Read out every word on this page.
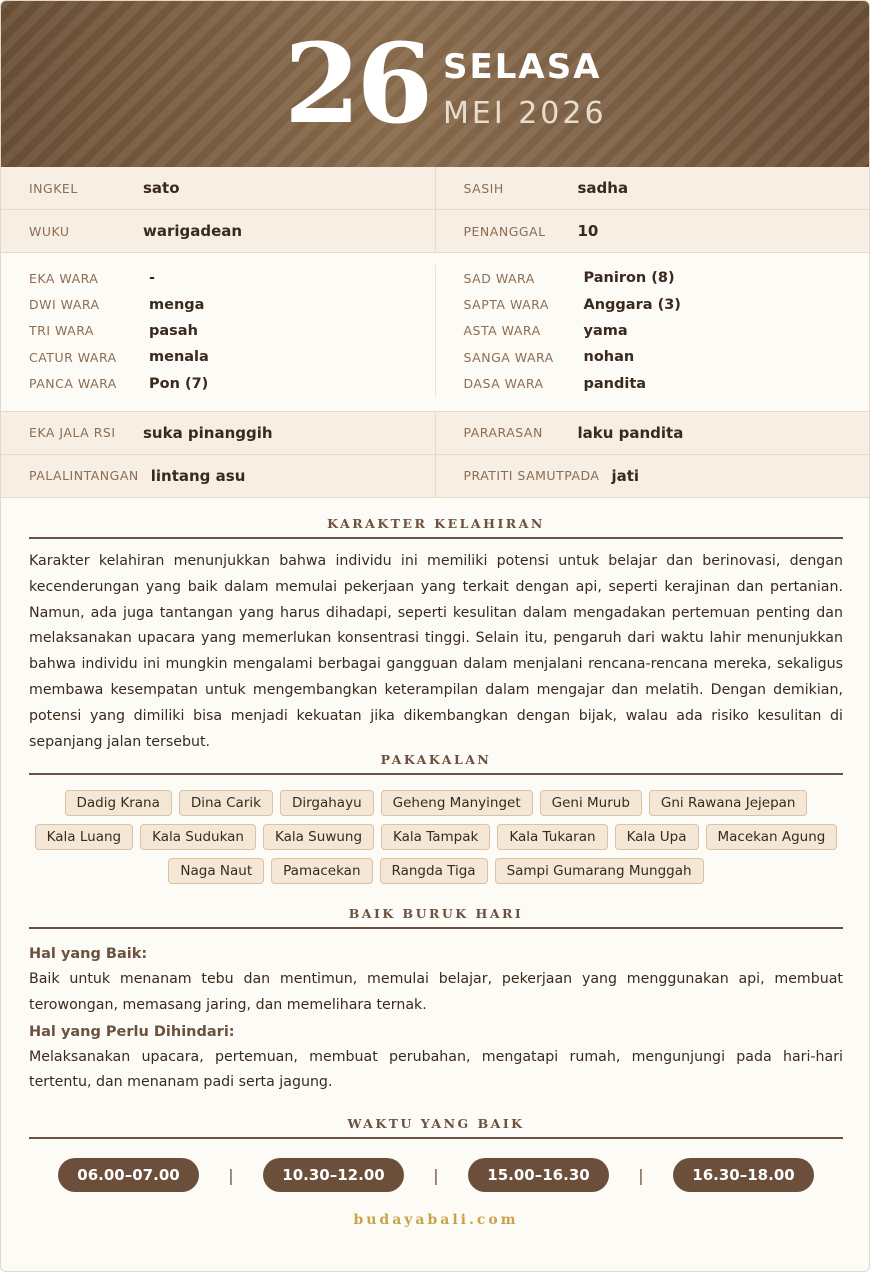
26 SELASA
MEI 2026
INGKEL	sato	SASIH	sadha
WUKU	warigadean	PENANGGAL	10
EKA WARA	-
DWI WARA	menga
TRI WARA	pasah
CATUR WARA	menala
PANCA WARA	Pon (7)
SAD WARA	Paniron (8)
SAPTA WARA	Anggara (3)
ASTA WARA	yama
SANGA WARA	nohan
DASA WARA	pandita
EKA JALA RSI	suka pinanggih	PARARASAN	laku pandita
PALALINTANGAN lintang asu	PRATITI SAMUTPADA jati
KARAKTER KELAHIRAN
Karakter kelahiran menunjukkan bahwa individu ini memiliki potensi untuk belajar dan berinovasi, dengan kecenderungan yang baik dalam memulai pekerjaan yang terkait dengan api, seperti kerajinan dan pertanian. Namun, ada juga tantangan yang harus dihadapi, seperti kesulitan dalam mengadakan pertemuan penting dan melaksanakan upacara yang memerlukan konsentrasi tinggi. Selain itu, pengaruh dari waktu lahir menunjukkan bahwa individu ini mungkin mengalami berbagai gangguan dalam menjalani rencana-rencana mereka, sekaligus membawa kesempatan untuk mengembangkan keterampilan dalam mengajar dan melatih. Dengan demikian, potensi yang dimiliki bisa menjadi kekuatan jika dikembangkan dengan bijak, walau ada risiko kesulitan di sepanjang jalan tersebut.
PAKAKALAN
Dadig Krana	Dina Carik	Dirgahayu	Geheng Manyinget	Geni Murub	Gni Rawana Jejepan
Kala Luang	Kala Sudukan	Kala Suwung	Kala Tampak	Kala Tukaran	Kala Upa	Macekan Agung
Naga Naut	Pamacekan	Rangda Tiga	Sampi Gumarang Munggah
BAIK BURUK HARI
Hal yang Baik:
Baik untuk menanam tebu dan mentimun, memulai belajar, pekerjaan yang menggunakan api, membuat terowongan, memasang jaring, dan memelihara ternak.
Hal yang Perlu Dihindari:
Melaksanakan upacara, pertemuan, membuat perubahan, mengatapi rumah, mengunjungi pada hari-hari tertentu, dan menanam padi serta jagung.
WAKTU YANG BAIK
06.00–07.00	|	10.30–12.00	|	15.00–16.30	|	16.30–18.00
budayabali.com
